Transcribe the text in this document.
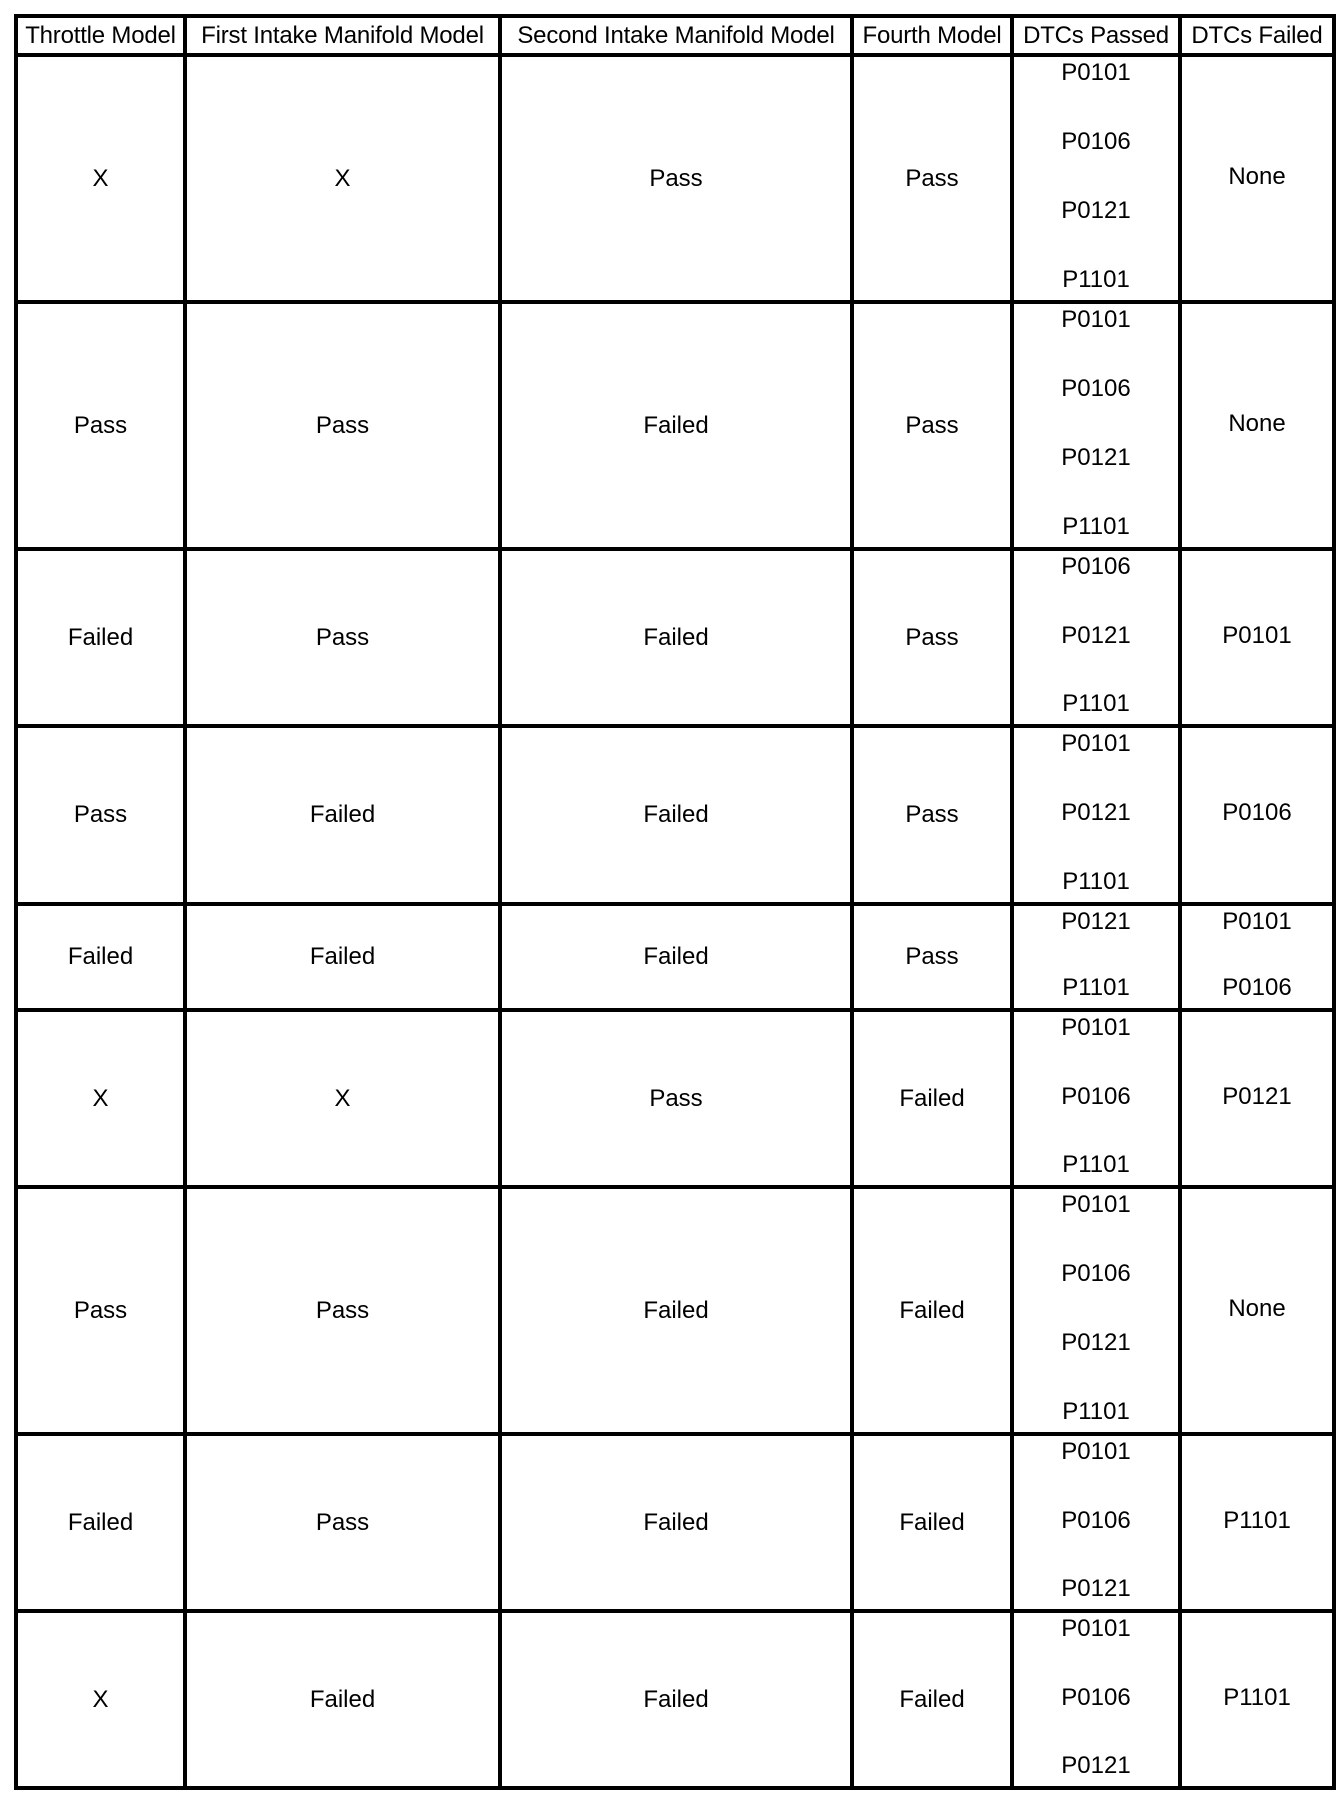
Throttle Model	First Intake Manifold Model	Second Intake Manifold Model	Fourth Model	DTCs Passed	DTCs Failed
X	X	Pass	Pass	P0101
P0106
P0121
P1101	None

Pass	Pass	Failed	Pass	P0101
P0106
P0121
P1101	None

Failed	Pass	Failed	Pass	P0106
P0121
P1101	P0101

Pass	Failed	Failed	Pass	P0101
P0121
P1101	P0106

Failed	Failed	Failed	Pass	P0121
P1101	P0101
P0106

X	X	Pass	Failed	P0101
P0106
P1101	P0121

Pass	Pass	Failed	Failed	P0101
P0106
P0121
P1101	None

Failed	Pass	Failed	Failed	P0101
P0106
P0121	P1101

X	Failed	Failed	Failed	P0101
P0106
P0121	P1101
